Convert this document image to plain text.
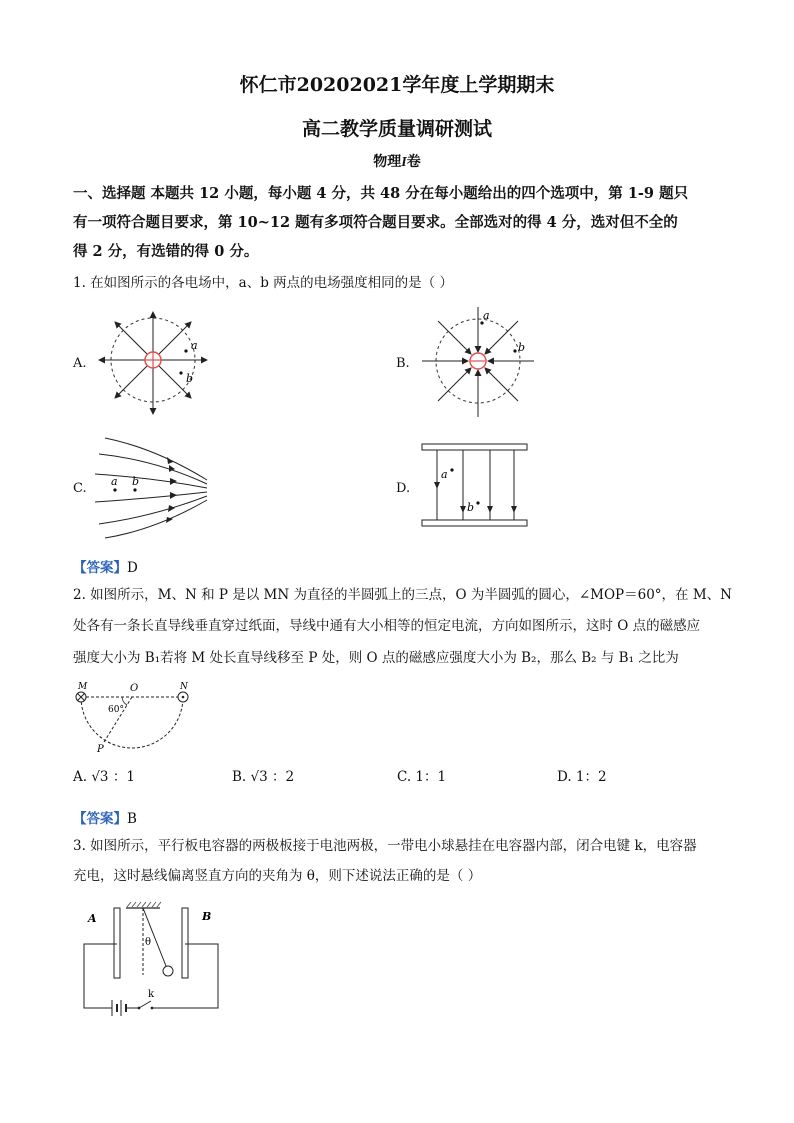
怀仁市20202021学年度上学期期末
高二教学质量调研测试
物理I卷
一、选择题 本题共 12 小题，每小题 4 分，共 48 分在每小题给出的四个选项中，第 1-9 题只
有一项符合题目要求，第 10~12 题有多项符合题目要求。全部选对的得 4 分，选对但不全的
得 2 分，有选错的得 0 分。
1. 在如图所示的各电场中，a、b 两点的电场强度相同的是（ ）
A.	B.
C.	D.
a
b
a
b
a b
a
b
【答案】D
2. 如图所示，M、N 和 P 是以 MN 为直径的半圆弧上的三点，O 为半圆弧的圆心，∠MOP＝60°，在 M、N
处各有一条长直导线垂直穿过纸面，导线中通有大小相等的恒定电流，方向如图所示，这时 O 点的磁感应
强度大小为 B₁若将 M 处长直导线移至 P 处，则 O 点的磁感应强度大小为 B₂，那么 B₂ 与 B₁ 之比为
M	O	N
60°
P
A. √3 ：1	B. √3 ：2	C. 1：1	D. 1：2
【答案】B
3. 如图所示，平行板电容器的两极板接于电池两极，一带电小球悬挂在电容器内部，闭合电键 k，电容器
充电，这时悬线偏离竖直方向的夹角为 θ，则下述说法正确的是（ ）
A	B
θ
k
